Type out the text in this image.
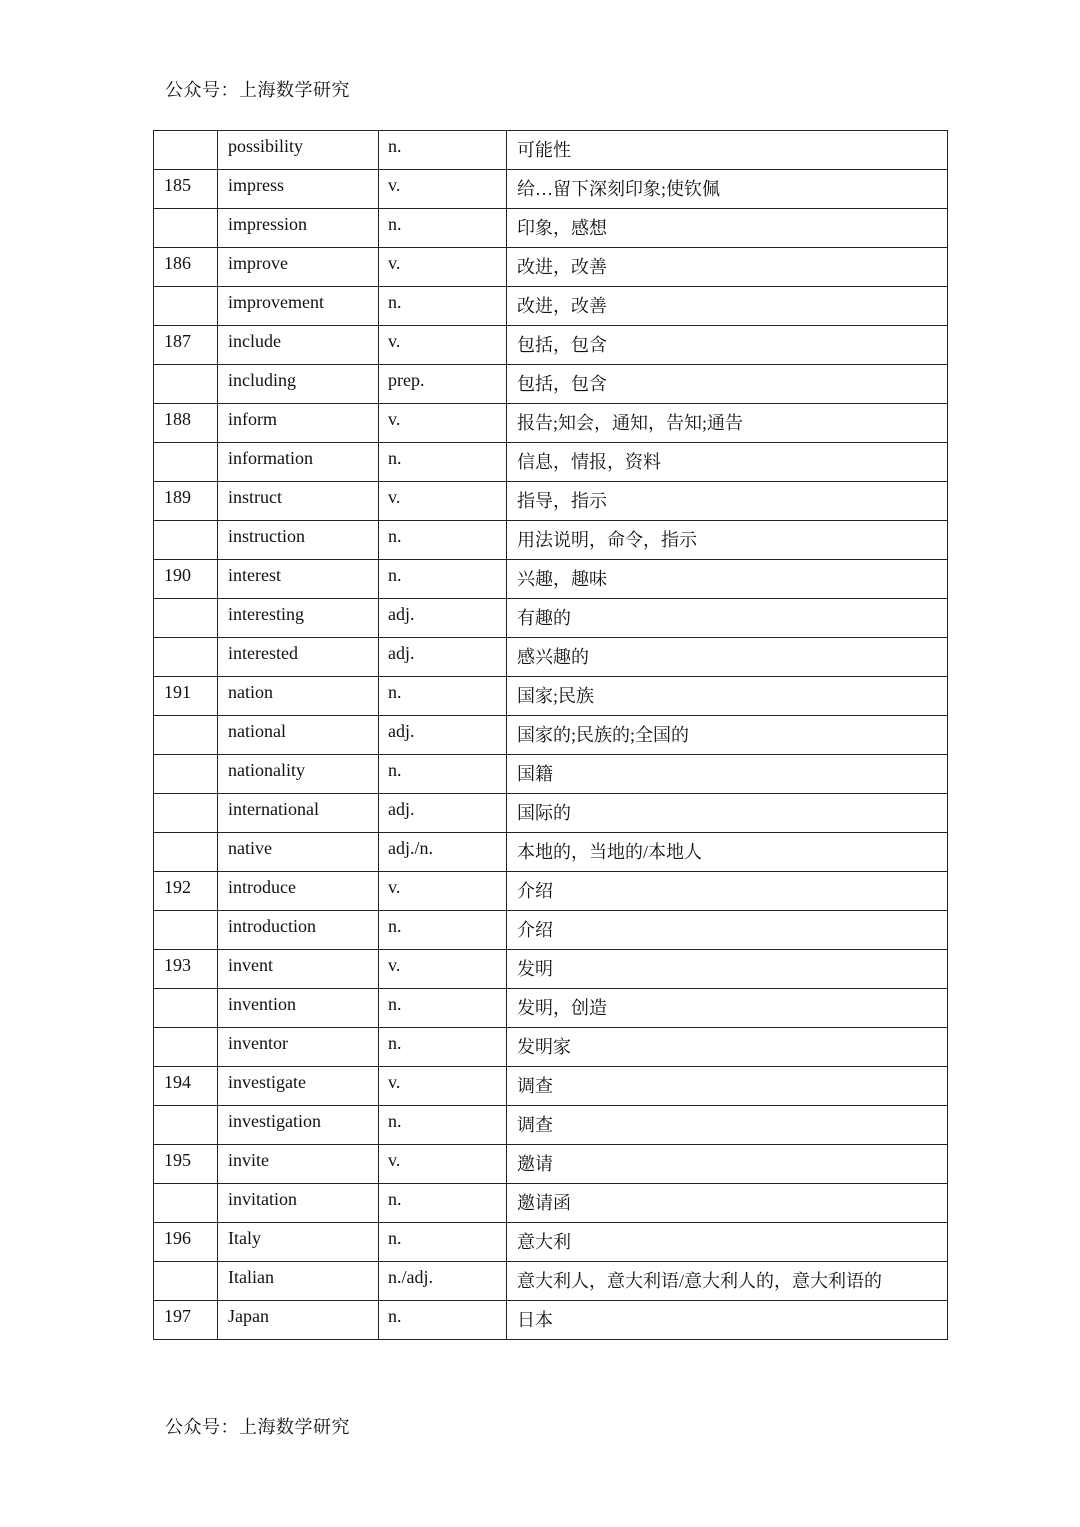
公众号：上海数学研究
	possibility	n.	可能性
185	impress	v.	给…留下深刻印象;使钦佩
	impression	n.	印象，感想
186	improve	v.	改进，改善
	improvement	n.	改进，改善
187	include	v.	包括，包含
	including	prep.	包括，包含
188	inform	v.	报告;知会，通知，告知;通告
	information	n.	信息，情报，资料
189	instruct	v.	指导，指示
	instruction	n.	用法说明，命令，指示
190	interest	n.	兴趣，趣味
	interesting	adj.	有趣的
	interested	adj.	感兴趣的
191	nation	n.	国家;民族
	national	adj.	国家的;民族的;全国的
	nationality	n.	国籍
	international	adj.	国际的
	native	adj./n.	本地的，当地的/本地人
192	introduce	v.	介绍
	introduction	n.	介绍
193	invent	v.	发明
	invention	n.	发明，创造
	inventor	n.	发明家
194	investigate	v.	调查
	investigation	n.	调查
195	invite	v.	邀请
	invitation	n.	邀请函
196	Italy	n.	意大利
	Italian	n./adj.	意大利人，意大利语/意大利人的，意大利语的
197	Japan	n.	日本
公众号：上海数学研究
